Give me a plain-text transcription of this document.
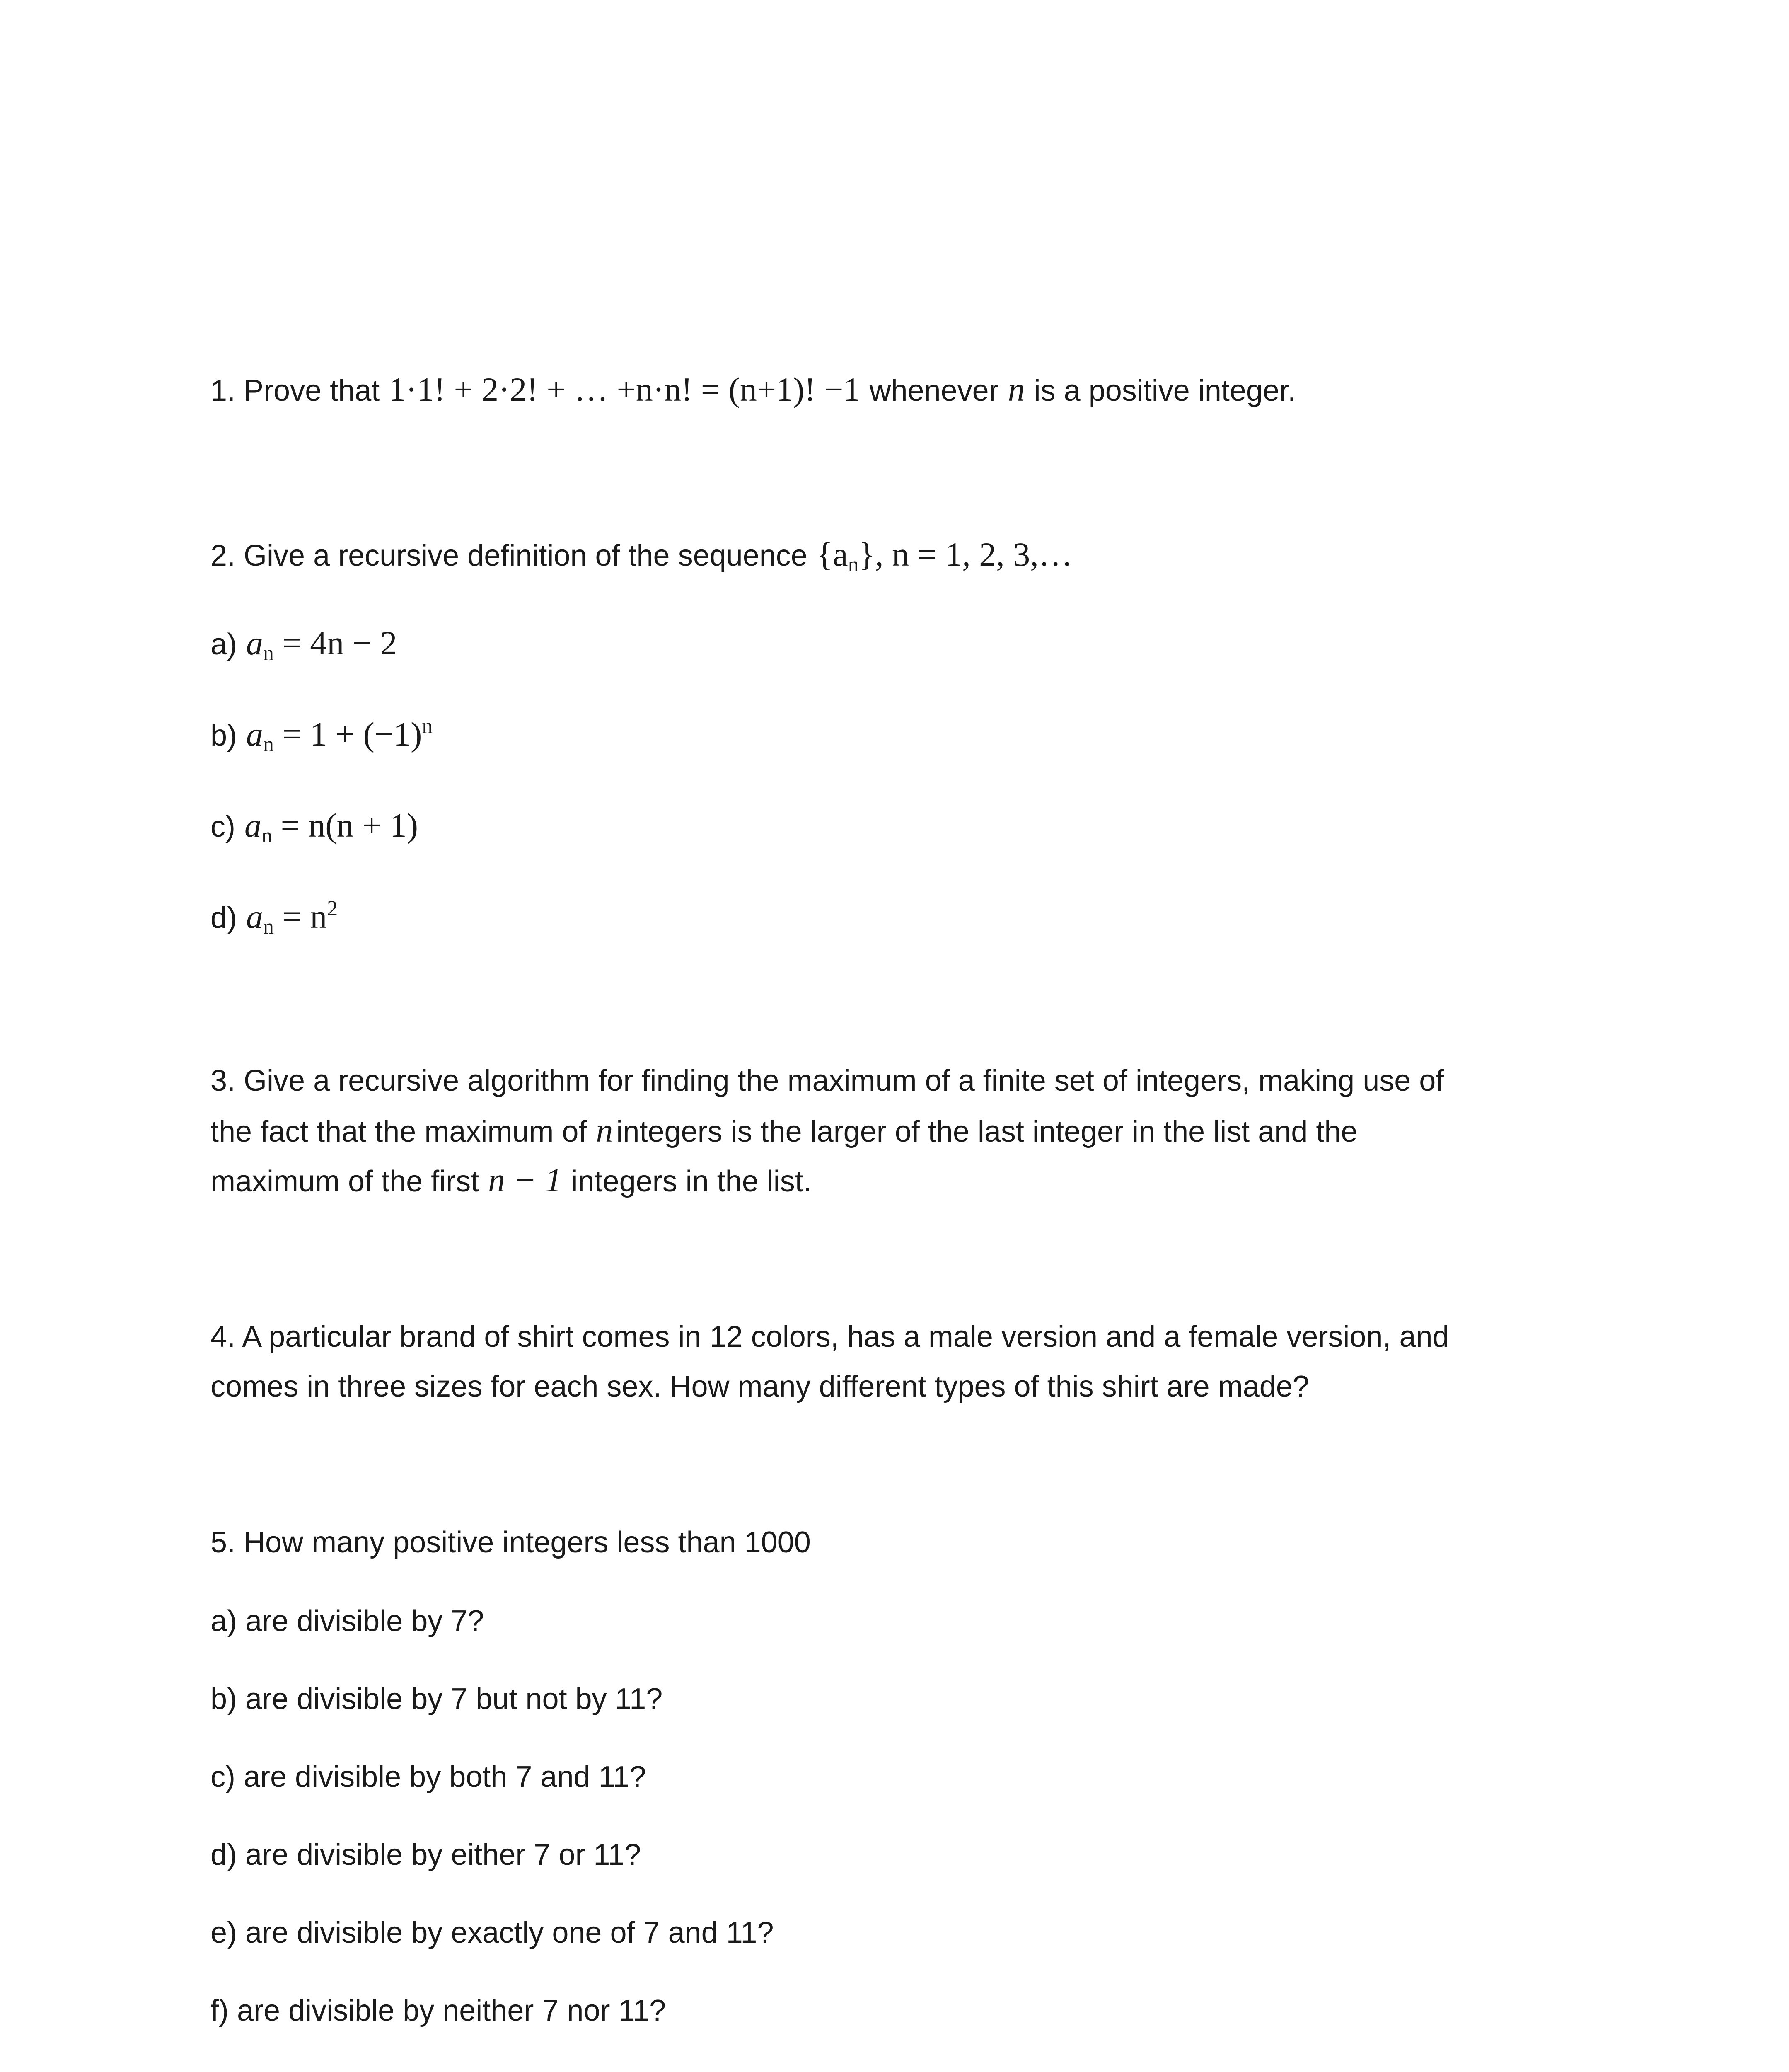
1. Prove that 1·1! + 2·2! + … +n·n! = (n+1)! −1 whenever n is a positive integer.
2. Give a recursive definition of the sequence $\{a_n\}$, n = 1, 2, 3,…
a) $a_n = 4n - 2$
b) $a_n = 1 + (-1)^n$
c) $a_n = n(n + 1)$
d) $a_n = n^2$
3. Give a recursive algorithm for finding the maximum of a finite set of integers, making use of
the fact that the maximum of n integers is the larger of the last integer in the list and the
maximum of the first n − 1 integers in the list.
4. A particular brand of shirt comes in 12 colors, has a male version and a female version, and
comes in three sizes for each sex. How many different types of this shirt are made?
5. How many positive integers less than 1000
a) are divisible by 7?
b) are divisible by 7 but not by 11?
c) are divisible by both 7 and 11?
d) are divisible by either 7 or 11?
e) are divisible by exactly one of 7 and 11?
f) are divisible by neither 7 nor 11?
